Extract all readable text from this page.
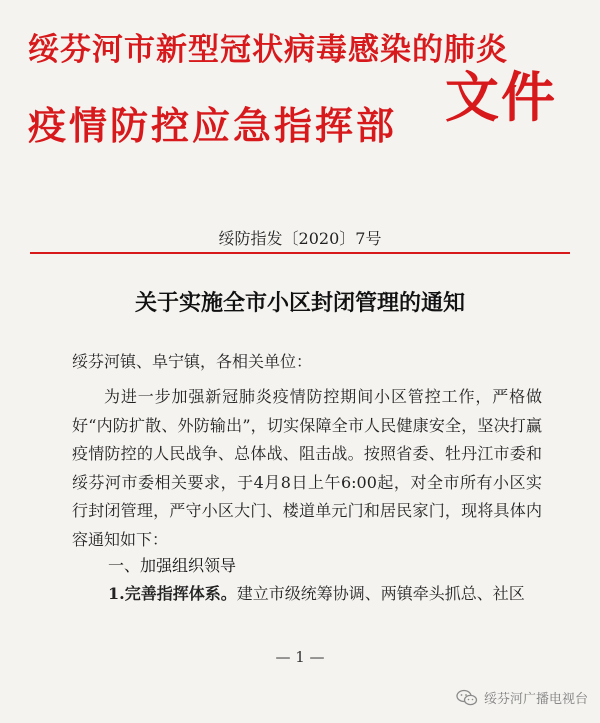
绥芬河市新型冠状病毒感染的肺炎
疫情防控应急指挥部 文件
绥防指发〔2020〕7号
关于实施全市小区封闭管理的通知
绥芬河镇、阜宁镇，各相关单位：
为进一步加强新冠肺炎疫情防控期间小区管控工作，严格做好“内防扩散、外防输出”，切实保障全市人民健康安全，坚决打赢疫情防控的人民战争、总体战、阻击战。按照省委、牡丹江市委和绥芬河市委相关要求，于4月8日上午6:00起，对全市所有小区实行封闭管理，严守小区大门、楼道单元门和居民家门，现将具体内容通知如下：
一、加强组织领导
1.完善指挥体系。建立市级统筹协调、两镇牵头抓总、社区
— 1 —
绥芬河广播电视台
